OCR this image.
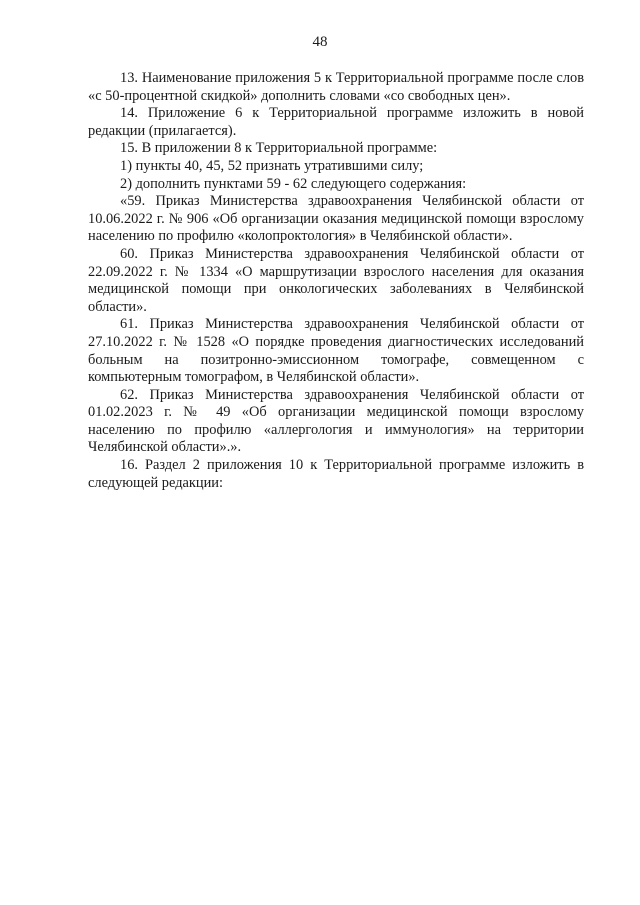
48

13. Наименование приложения 5 к Территориальной программе после слов «с 50-процентной скидкой» дополнить словами «со свободных цен».

14. Приложение 6 к Территориальной программе изложить в новой редакции (прилагается).

15. В приложении 8 к Территориальной программе:

1) пункты 40, 45, 52 признать утратившими силу;

2) дополнить пунктами 59 - 62 следующего содержания:

«59. Приказ Министерства здравоохранения Челябинской области от 10.06.2022 г. № 906 «Об организации оказания медицинской помощи взрослому населению по профилю «колопроктология» в Челябинской области».

60. Приказ Министерства здравоохранения Челябинской области от 22.09.2022 г. № 1334 «О маршрутизации взрослого населения для оказания медицинской помощи при онкологических заболеваниях в Челябинской области».

61. Приказ Министерства здравоохранения Челябинской области от 27.10.2022 г. № 1528 «О порядке проведения диагностических исследований больным на позитронно-эмиссионном томографе, совмещенном с компьютерным томографом, в Челябинской области».

62. Приказ Министерства здравоохранения Челябинской области от 01.02.2023 г. № 49 «Об организации медицинской помощи взрослому населению по профилю «аллергология и иммунология» на территории Челябинской области».».

16. Раздел 2 приложения 10 к Территориальной программе изложить в следующей редакции:
